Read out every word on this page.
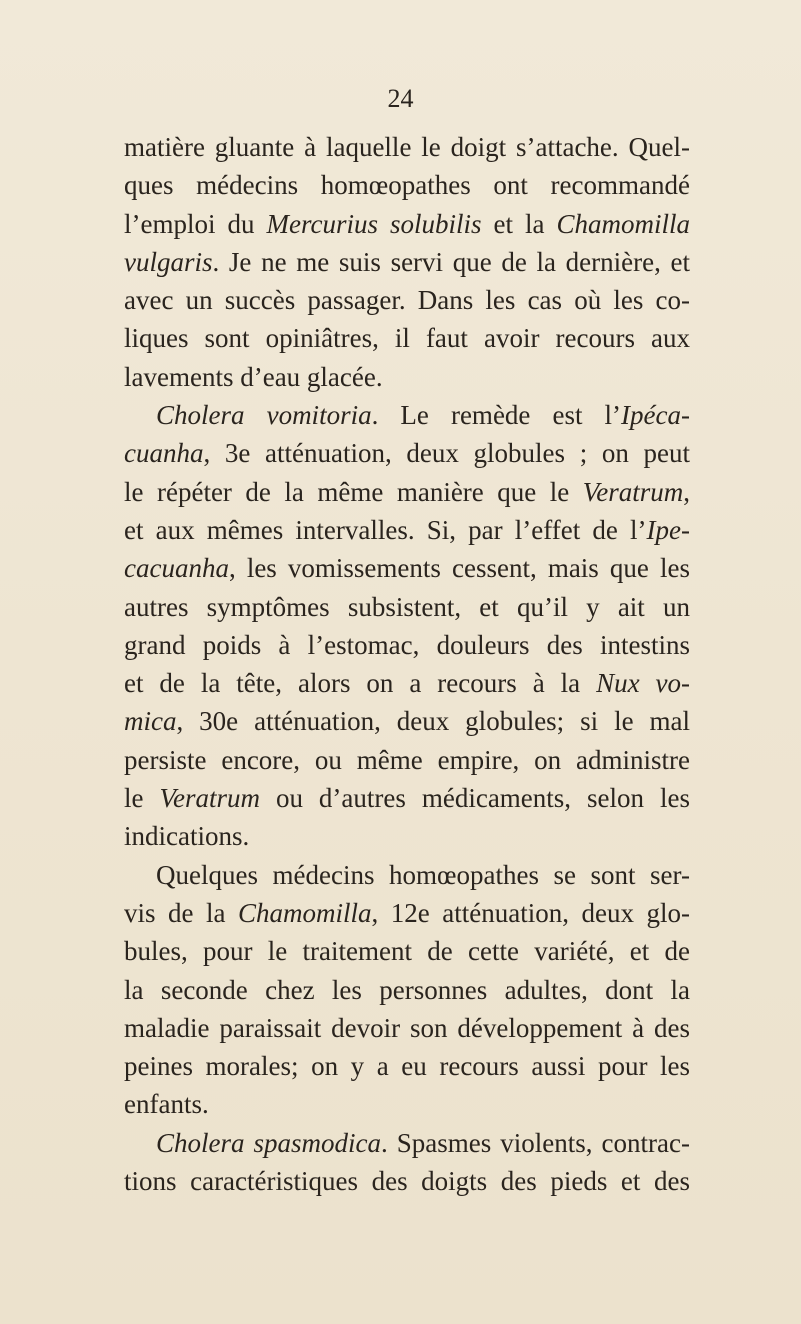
24
matière gluante à laquelle le doigt s’attache. Quel-
ques médecins homœopathes ont recommandé
l’emploi du Mercurius solubilis et la Chamomilla
vulgaris. Je ne me suis servi que de la dernière, et
avec un succès passager. Dans les cas où les co-
liques sont opiniâtres, il faut avoir recours aux
lavements d’eau glacée.
Cholera vomitoria. Le remède est l’Ipéca-
cuanha, 3e atténuation, deux globules ; on peut
le répéter de la même manière que le Veratrum,
et aux mêmes intervalles. Si, par l’effet de l’Ipe-
cacuanha, les vomissements cessent, mais que les
autres symptômes subsistent, et qu’il y ait un
grand poids à l’estomac, douleurs des intestins
et de la tête, alors on a recours à la Nux vo-
mica, 30e atténuation, deux globules; si le mal
persiste encore, ou même empire, on administre
le Veratrum ou d’autres médicaments, selon les
indications.
Quelques médecins homœopathes se sont ser-
vis de la Chamomilla, 12e atténuation, deux glo-
bules, pour le traitement de cette variété, et de
la seconde chez les personnes adultes, dont la
maladie paraissait devoir son développement à des
peines morales; on y a eu recours aussi pour les
enfants.
Cholera spasmodica. Spasmes violents, contrac-
tions caractéristiques des doigts des pieds et des
